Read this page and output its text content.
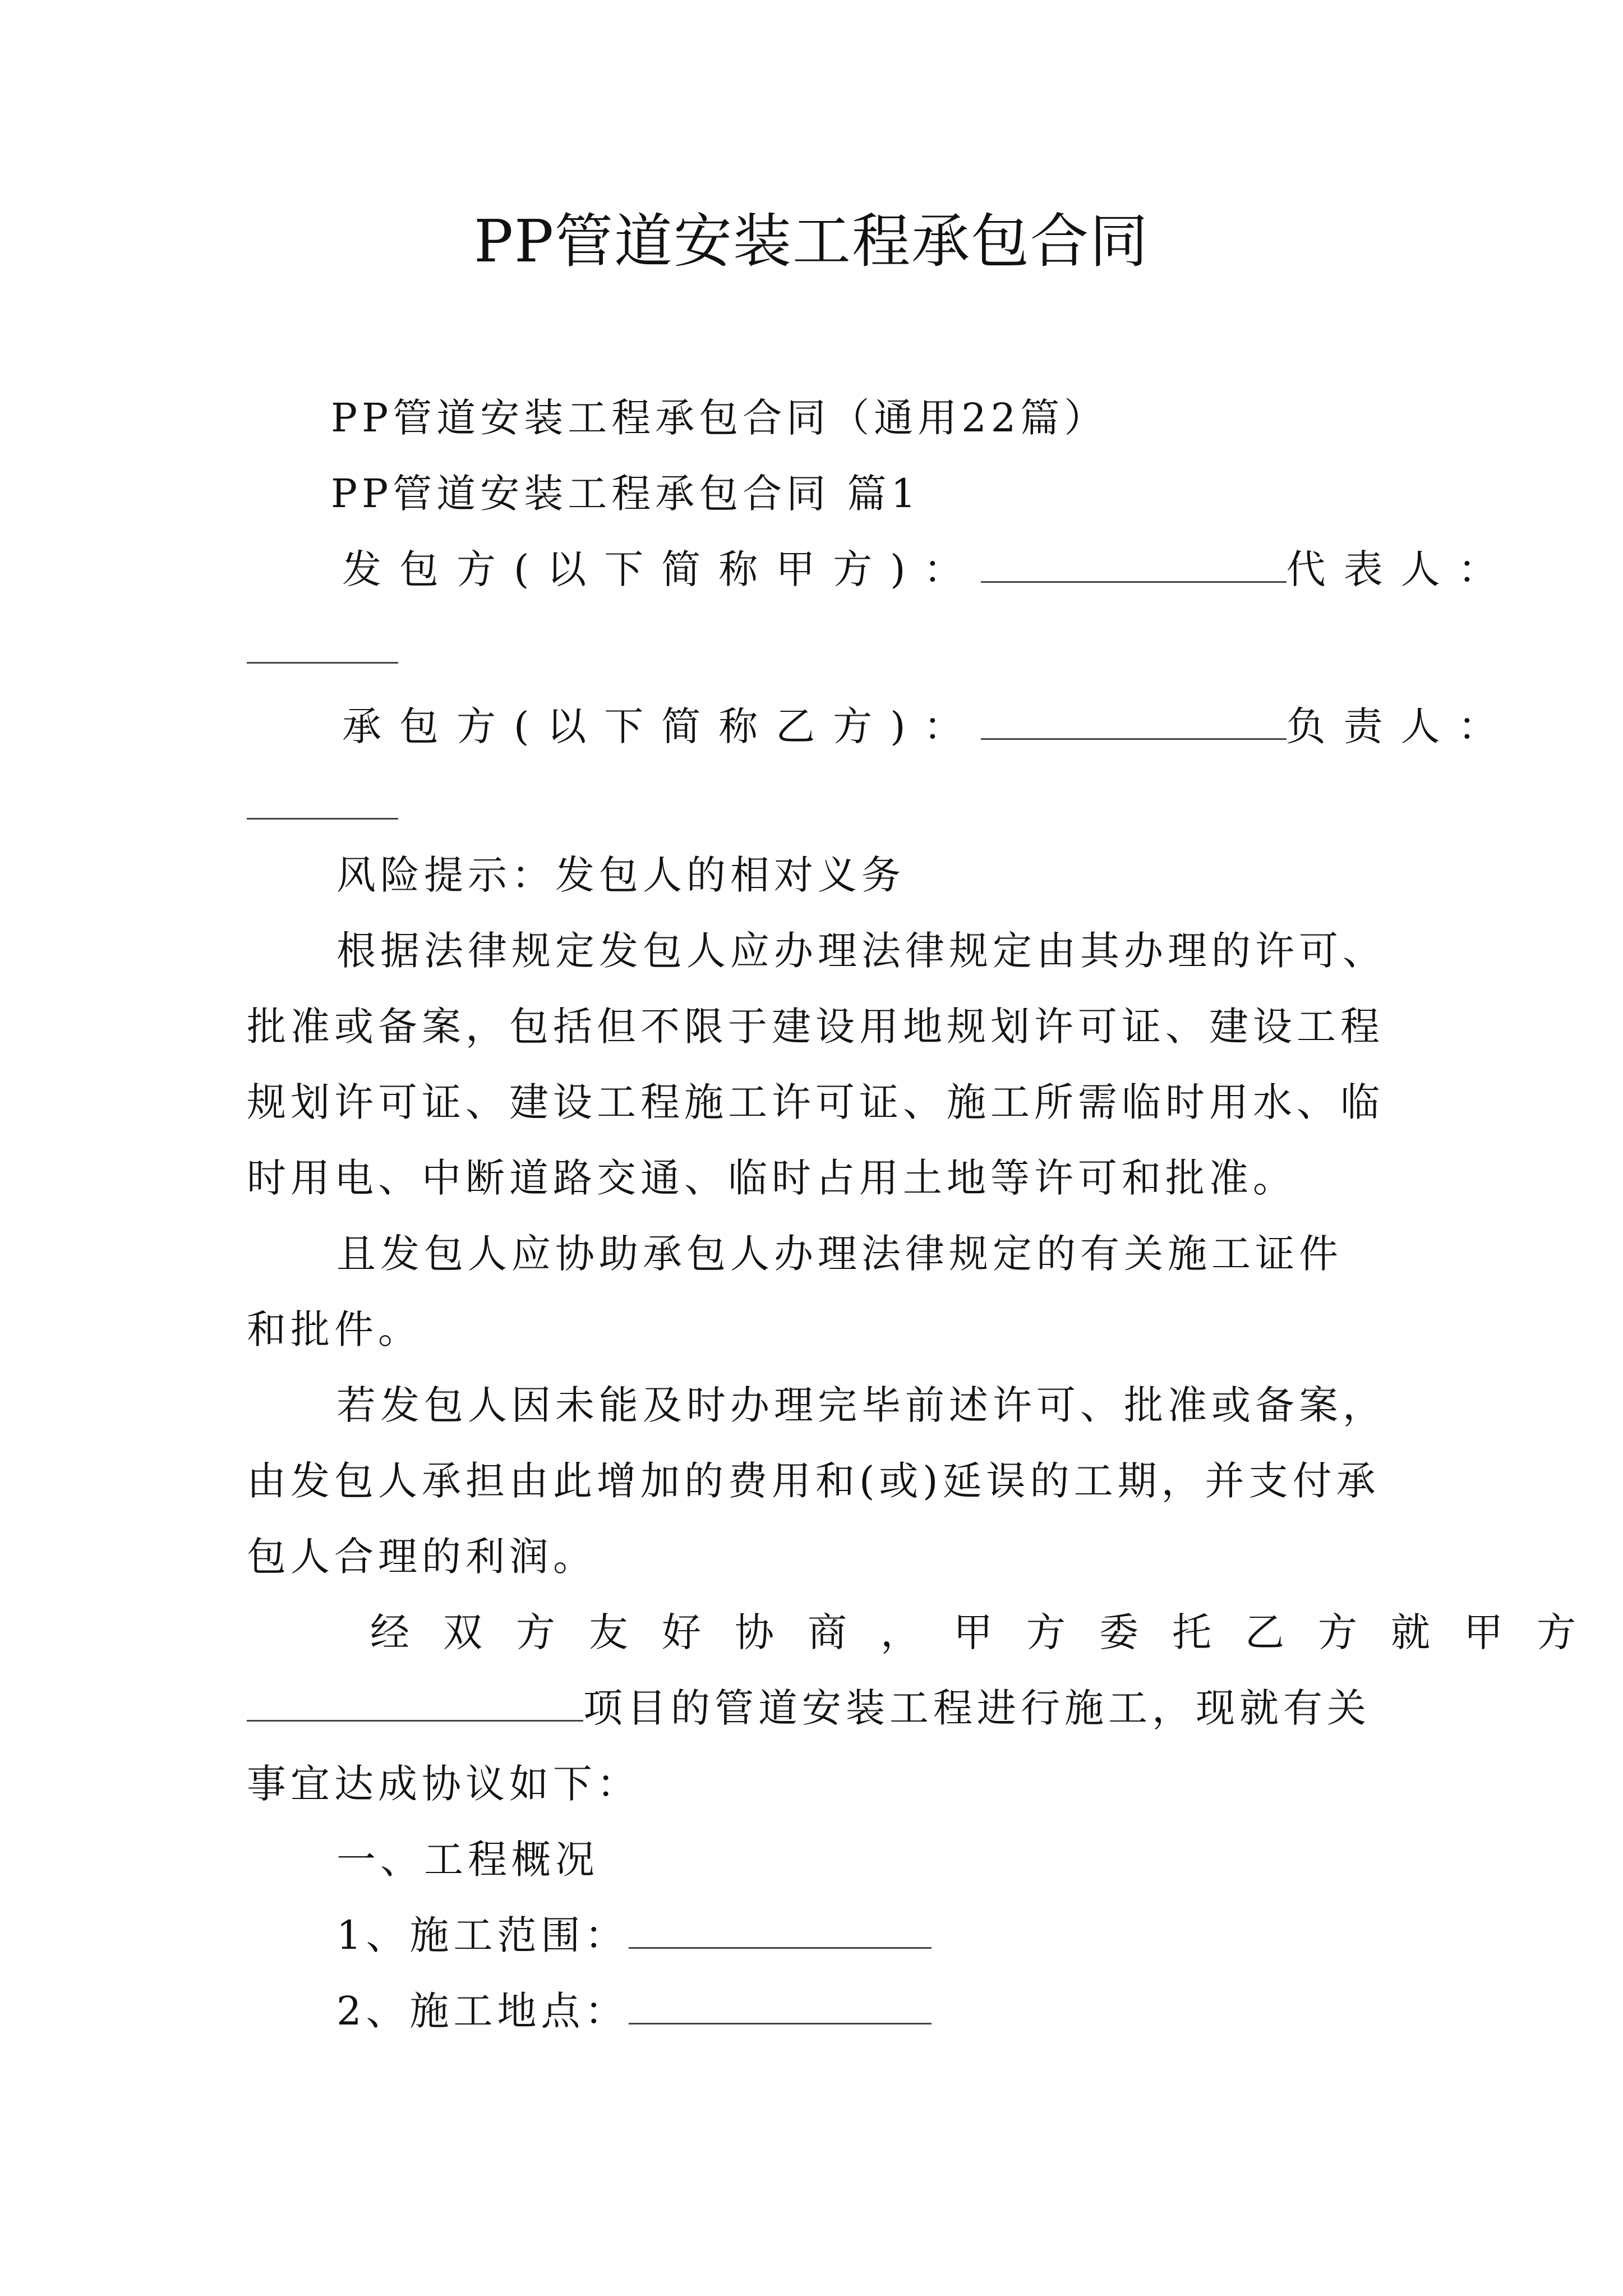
PP管道安装工程承包合同
PP管道安装工程承包合同（通用22篇）
PP管道安装工程承包合同 篇1
发包方(以下简称甲方)：	代表人：
承包方(以下简称乙方)：	负责人：
风险提示：发包人的相对义务
根据法律规定发包人应办理法律规定由其办理的许可、
批准或备案，包括但不限于建设用地规划许可证、建设工程
规划许可证、建设工程施工许可证、施工所需临时用水、临
时用电、中断道路交通、临时占用土地等许可和批准。
且发包人应协助承包人办理法律规定的有关施工证件
和批件。
若发包人因未能及时办理完毕前述许可、批准或备案，
由发包人承担由此增加的费用和(或)延误的工期，并支付承
包人合理的利润。
经双方友好协商，甲方委托乙方就甲方
项目的管道安装工程进行施工，现就有关
事宜达成协议如下：
一、工程概况
1、施工范围：
2、施工地点：
